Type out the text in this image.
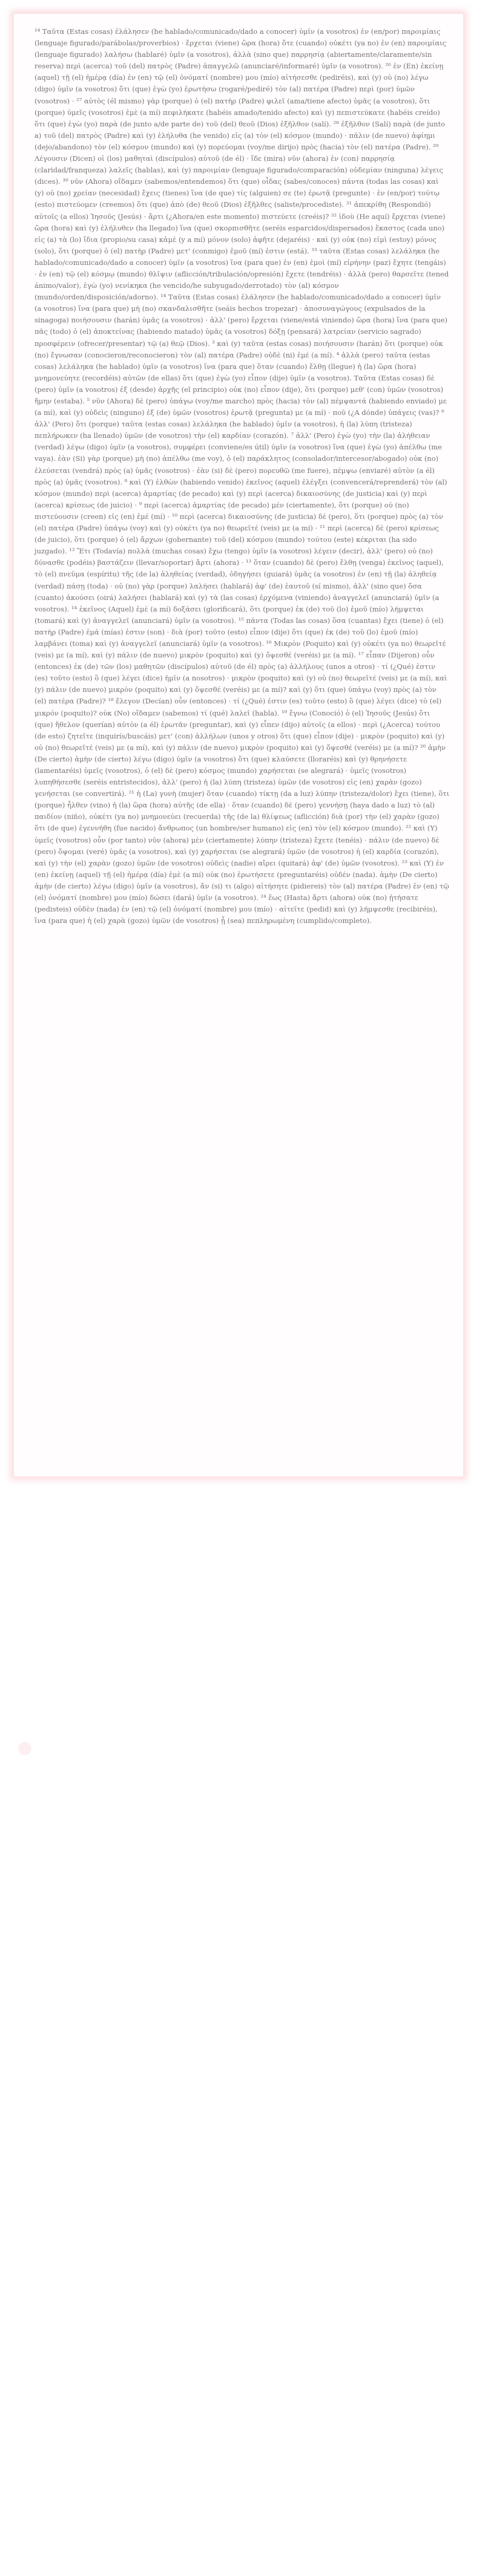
¹⁴ Ταῦτα (Estas cosas) ἐλάλησεν (he hablado/comunicado/dado a conocer) ὑμῖν (a vosotros) ἐν (en/por) παροιμίαις (lenguaje figurado/parábolas/proverbios) · ἔρχεται (viene) ὥρα (hora) ὅτε (cuando) οὐκέτι (ya no) ἐν (en) παροιμίαις (lenguaje figurado) λαλήσω (hablaré) ὑμῖν (a vosotros), ἀλλὰ (sino que) παρρησίᾳ (abiertamente/claramente/sin reserva) περὶ (acerca) τοῦ (del) πατρὸς (Padre) ἀπαγγελῶ (anunciaré/informaré) ὑμῖν (a vosotros). ²⁶ ἐν (En) ἐκείνῃ (aquel) τῇ (el) ἡμέρᾳ (día) ἐν (en) τῷ (el) ὀνόματί (nombre) μου (mío) αἰτήσεσθε (pediréis), καὶ (y) οὐ (no) λέγω (digo) ὑμῖν (a vosotros) ὅτι (que) ἐγὼ (yo) ἐρωτήσω (rogaré/pediré) τὸν (al) πατέρα (Padre) περὶ (por) ὑμῶν (vosotros) · ²⁷ αὐτὸς (él mismo) γὰρ (porque) ὁ (el) πατὴρ (Padre) φιλεῖ (ama/tiene afecto) ὑμᾶς (a vosotros), ὅτι (porque) ὑμεῖς (vosotros) ἐμὲ (a mí) πεφιλήκατε (habéis amado/tenido afecto) καὶ (y) πεπιστεύκατε (habéis creído) ὅτι (que) ἐγὼ (yo) παρὰ (de junto a/de parte de) τοῦ (del) θεοῦ (Dios) ἐξῆλθον (salí). ²⁸ ἐξῆλθον (Salí) παρὰ (de junto a) τοῦ (del) πατρὸς (Padre) καὶ (y) ἐλήλυθα (he venido) εἰς (a) τὸν (el) κόσμον (mundo) · πάλιν (de nuevo) ἀφίημι (dejo/abandono) τὸν (el) κόσμον (mundo) καὶ (y) πορεύομαι (voy/me dirijo) πρὸς (hacia) τὸν (el) πατέρα (Padre). ²⁹ Λέγουσιν (Dicen) οἱ (los) μαθηταὶ (discípulos) αὐτοῦ (de él) · ἴδε (mira) νῦν (ahora) ἐν (con) παρρησίᾳ (claridad/franqueza) λαλεῖς (hablas), καὶ (y) παροιμίαν (lenguaje figurado/comparación) οὐδεμίαν (ninguna) λέγεις (dices). ³⁰ νῦν (Ahora) οἴδαμεν (sabemos/entendemos) ὅτι (que) οἶδας (sabes/conoces) πάντα (todas las cosas) καὶ (y) οὐ (no) χρείαν (necesidad) ἔχεις (tienes) ἵνα (de que) τίς (alguien) σε (te) ἐρωτᾷ (pregunte) · ἐν (en/por) τούτῳ (esto) πιστεύομεν (creemos) ὅτι (que) ἀπὸ (de) θεοῦ (Dios) ἐξῆλθες (saliste/procediste). ³¹ ἀπεκρίθη (Respondió) αὐτοῖς (a ellos) Ἰησοῦς (Jesús) · ἄρτι (¿Ahora/en este momento) πιστεύετε (creéis)? ³² ἰδοὺ (He aquí) ἔρχεται (viene) ὥρα (hora) καὶ (y) ἐλήλυθεν (ha llegado) ἵνα (que) σκορπισθῆτε (seréis esparcidos/dispersados) ἕκαστος (cada uno) εἰς (a) τὰ (lo) ἴδια (propio/su casa) κἀμὲ (y a mí) μόνον (solo) ἀφῆτε (dejaréis) · καὶ (y) οὐκ (no) εἰμὶ (estoy) μόνος (solo), ὅτι (porque) ὁ (el) πατὴρ (Padre) μετ' (conmigo) ἐμοῦ (mí) ἐστιν (está). ³³ ταῦτα (Estas cosas) λελάληκα (he hablado/comunicado/dado a conocer) ὑμῖν (a vosotros) ἵνα (para que) ἐν (en) ἐμοὶ (mí) εἰρήνην (paz) ἔχητε (tengáis) · ἐν (en) τῷ (el) κόσμῳ (mundo) θλῖψιν (aflicción/tribulación/opresión) ἔχετε (tendréis) · ἀλλὰ (pero) θαρσεῖτε (tened ánimo/valor), ἐγὼ (yo) νενίκηκα (he vencido/he subyugado/derrotado) τὸν (al) κόσμον (mundo/orden/disposición/adorno). ¹⁴ Ταῦτα (Estas cosas) ἐλάλησεν (he hablado/comunicado/dado a conocer) ὑμῖν (a vosotros) ἵνα (para que) μὴ (no) σκανδαλισθῆτε (seáis hechos tropezar) · ἀποσυναγώγους (expulsados de la sinagoga) ποιήσουσιν (harán) ὑμᾶς (a vosotros) · ἀλλ' (pero) ἔρχεται (viene/está viniendo) ὥρα (hora) ἵνα (para que) πᾶς (todo) ὁ (el) ἀποκτείνας (habiendo matado) ὑμᾶς (a vosotros) δόξῃ (pensará) λατρείαν (servicio sagrado) προσφέρειν (ofrecer/presentar) τῷ (a) θεῷ (Dios). ³ καὶ (y) ταῦτα (estas cosas) ποιήσουσιν (harán) ὅτι (porque) οὐκ (no) ἔγνωσαν (conocieron/reconocieron) τὸν (al) πατέρα (Padre) οὐδὲ (ni) ἐμέ (a mí). ⁴ ἀλλὰ (pero) ταῦτα (estas cosas) λελάληκα (he hablado) ὑμῖν (a vosotros) ἵνα (para que) ὅταν (cuando) ἔλθῃ (llegue) ἡ (la) ὥρα (hora) μνημονεύητε (recordéis) αὐτῶν (de ellas) ὅτι (que) ἐγὼ (yo) εἶπον (dije) ὑμῖν (a vosotros). Ταῦτα (Estas cosas) δὲ (pero) ὑμῖν (a vosotros) ἐξ (desde) ἀρχῆς (el principio) οὐκ (no) εἶπον (dije), ὅτι (porque) μεθ' (con) ὑμῶν (vosotros) ἤμην (estaba). ⁵ νῦν (Ahora) δὲ (pero) ὑπάγω (voy/me marcho) πρὸς (hacia) τὸν (al) πέμψαντά (habiendo enviado) με (a mí), καὶ (y) οὐδεὶς (ninguno) ἐξ (de) ὑμῶν (vosotros) ἐρωτᾷ (pregunta) με (a mí) · ποῦ (¿A dónde) ὑπάγεις (vas)? ⁶ ἀλλ' (Pero) ὅτι (porque) ταῦτα (estas cosas) λελάληκα (he hablado) ὑμῖν (a vosotros), ἡ (la) λύπη (tristeza) πεπλήρωκεν (ha llenado) ὑμῶν (de vosotros) τὴν (el) καρδίαν (corazón). ⁷ ἀλλ' (Pero) ἐγὼ (yo) τὴν (la) ἀλήθειαν (verdad) λέγω (digo) ὑμῖν (a vosotros), συμφέρει (conviene/es útil) ὑμῖν (a vosotros) ἵνα (que) ἐγὼ (yo) ἀπέλθω (me vaya). ἐὰν (Si) γὰρ (porque) μὴ (no) ἀπέλθω (me voy), ὁ (el) παράκλητος (consolador/intercesor/abogado) οὐκ (no) ἐλεύσεται (vendrá) πρὸς (a) ὑμᾶς (vosotros) · ἐὰν (si) δὲ (pero) πορευθῶ (me fuere), πέμψω (enviaré) αὐτὸν (a él) πρὸς (a) ὑμᾶς (vosotros). ⁸ καὶ (Y) ἐλθὼν (habiendo venido) ἐκεῖνος (aquel) ἐλέγξει (convencerá/reprenderá) τὸν (al) κόσμον (mundo) περὶ (acerca) ἁμαρτίας (de pecado) καὶ (y) περὶ (acerca) δικαιοσύνης (de justicia) καὶ (y) περὶ (acerca) κρίσεως (de juicio) · ⁹ περὶ (acerca) ἁμαρτίας (de pecado) μέν (ciertamente), ὅτι (porque) οὐ (no) πιστεύουσιν (creen) εἰς (en) ἐμέ (mí) · ¹⁰ περὶ (acerca) δικαιοσύνης (de justicia) δέ (pero), ὅτι (porque) πρὸς (a) τὸν (el) πατέρα (Padre) ὑπάγω (voy) καὶ (y) οὐκέτι (ya no) θεωρεῖτέ (veis) με (a mí) · ¹¹ περὶ (acerca) δὲ (pero) κρίσεως (de juicio), ὅτι (porque) ὁ (el) ἄρχων (gobernante) τοῦ (del) κόσμου (mundo) τούτου (este) κέκριται (ha sido juzgado). ¹² Ἔτι (Todavía) πολλὰ (muchas cosas) ἔχω (tengo) ὑμῖν (a vosotros) λέγειν (decir), ἀλλ' (pero) οὐ (no) δύνασθε (podéis) βαστάζειν (llevar/soportar) ἄρτι (ahora) · ¹³ ὅταν (cuando) δὲ (pero) ἔλθῃ (venga) ἐκεῖνος (aquel), τὸ (el) πνεῦμα (espíritu) τῆς (de la) ἀληθείας (verdad), ὁδηγήσει (guiará) ὑμᾶς (a vosotros) ἐν (en) τῇ (la) ἀληθείᾳ (verdad) πάσῃ (toda) · οὐ (no) γὰρ (porque) λαλήσει (hablará) ἀφ' (de) ἑαυτοῦ (sí mismo), ἀλλ' (sino que) ὅσα (cuanto) ἀκούσει (oirá) λαλήσει (hablará) καὶ (y) τὰ (las cosas) ἐρχόμενα (viniendo) ἀναγγελεῖ (anunciará) ὑμῖν (a vosotros). ¹⁴ ἐκεῖνος (Aquel) ἐμὲ (a mí) δοξάσει (glorificará), ὅτι (porque) ἐκ (de) τοῦ (lo) ἐμοῦ (mío) λήμψεται (tomará) καὶ (y) ἀναγγελεῖ (anunciará) ὑμῖν (a vosotros). ¹⁵ πάντα (Todas las cosas) ὅσα (cuantas) ἔχει (tiene) ὁ (el) πατὴρ (Padre) ἐμά (mías) ἐστιν (son) · διὰ (por) τοῦτο (esto) εἶπον (dije) ὅτι (que) ἐκ (de) τοῦ (lo) ἐμοῦ (mío) λαμβάνει (toma) καὶ (y) ἀναγγελεῖ (anunciará) ὑμῖν (a vosotros). ¹⁶ Μικρὸν (Poquito) καὶ (y) οὐκέτι (ya no) θεωρεῖτέ (veis) με (a mí), καὶ (y) πάλιν (de nuevo) μικρὸν (poquito) καὶ (y) ὄψεσθέ (veréis) με (a mí). ¹⁷ εἶπαν (Dijeron) οὖν (entonces) ἐκ (de) τῶν (los) μαθητῶν (discípulos) αὐτοῦ (de él) πρὸς (a) ἀλλήλους (unos a otros) · τί (¿Qué) ἐστιν (es) τοῦτο (esto) ὃ (que) λέγει (dice) ἡμῖν (a nosotros) · μικρὸν (poquito) καὶ (y) οὐ (no) θεωρεῖτέ (veis) με (a mí), καὶ (y) πάλιν (de nuevo) μικρὸν (poquito) καὶ (y) ὄψεσθέ (veréis) με (a mí)? καὶ (y) ὅτι (que) ὑπάγω (voy) πρὸς (a) τὸν (el) πατέρα (Padre)? ¹⁸ ἔλεγον (Decían) οὖν (entonces) · τί (¿Qué) ἐστιν (es) τοῦτο (esto) ὃ (que) λέγει (dice) τὸ (el) μικρόν (poquito)? οὐκ (No) οἴδαμεν (sabemos) τί (qué) λαλεῖ (habla). ¹⁹ ἔγνω (Conoció) ὁ (el) Ἰησοῦς (Jesús) ὅτι (que) ἤθελον (querían) αὐτὸν (a él) ἐρωτᾶν (preguntar), καὶ (y) εἶπεν (dijo) αὐτοῖς (a ellos) · περὶ (¿Acerca) τούτου (de esto) ζητεῖτε (inquirís/buscáis) μετ' (con) ἀλλήλων (unos y otros) ὅτι (que) εἶπον (dije) · μικρὸν (poquito) καὶ (y) οὐ (no) θεωρεῖτέ (veis) με (a mí), καὶ (y) πάλιν (de nuevo) μικρὸν (poquito) καὶ (y) ὄψεσθέ (veréis) με (a mí)? ²⁰ ἀμὴν (De cierto) ἀμὴν (de cierto) λέγω (digo) ὑμῖν (a vosotros) ὅτι (que) κλαύσετε (lloraréis) καὶ (y) θρηνήσετε (lamentaréis) ὑμεῖς (vosotros), ὁ (el) δὲ (pero) κόσμος (mundo) χαρήσεται (se alegrará) · ὑμεῖς (vosotros) λυπηθήσεσθε (seréis entristecidos), ἀλλ' (pero) ἡ (la) λύπη (tristeza) ὑμῶν (de vosotros) εἰς (en) χαρὰν (gozo) γενήσεται (se convertirá). ²¹ ἡ (La) γυνὴ (mujer) ὅταν (cuando) τίκτῃ (da a luz) λύπην (tristeza/dolor) ἔχει (tiene), ὅτι (porque) ἦλθεν (vino) ἡ (la) ὥρα (hora) αὐτῆς (de ella) · ὅταν (cuando) δὲ (pero) γεννήσῃ (haya dado a luz) τὸ (al) παιδίον (niño), οὐκέτι (ya no) μνημονεύει (recuerda) τῆς (de la) θλίψεως (aflicción) διὰ (por) τὴν (el) χαρὰν (gozo) ὅτι (de que) ἐγεννήθη (fue nacido) ἄνθρωπος (un hombre/ser humano) εἰς (en) τὸν (el) κόσμον (mundo). ²² καὶ (Y) ὑμεῖς (vosotros) οὖν (por tanto) νῦν (ahora) μὲν (ciertamente) λύπην (tristeza) ἔχετε (tenéis) · πάλιν (de nuevo) δὲ (pero) ὄψομαι (veré) ὑμᾶς (a vosotros), καὶ (y) χαρήσεται (se alegrará) ὑμῶν (de vosotros) ἡ (el) καρδία (corazón), καὶ (y) τὴν (el) χαρὰν (gozo) ὑμῶν (de vosotros) οὐδεὶς (nadie) αἴρει (quitará) ἀφ' (de) ὑμῶν (vosotros). ²³ καὶ (Y) ἐν (en) ἐκείνῃ (aquel) τῇ (el) ἡμέρᾳ (día) ἐμὲ (a mí) οὐκ (no) ἐρωτήσετε (preguntaréis) οὐδέν (nada). ἀμὴν (De cierto) ἀμὴν (de cierto) λέγω (digo) ὑμῖν (a vosotros), ἄν (si) τι (algo) αἰτήσητε (pidiereis) τὸν (al) πατέρα (Padre) ἐν (en) τῷ (el) ὀνόματί (nombre) μου (mío) δώσει (dará) ὑμῖν (a vosotros). ²⁴ ἕως (Hasta) ἄρτι (ahora) οὐκ (no) ᾐτήσατε (pedisteis) οὐδὲν (nada) ἐν (en) τῷ (el) ὀνόματί (nombre) μου (mío) · αἰτεῖτε (pedid) καὶ (y) λήμψεσθε (recibiréis), ἵνα (para que) ἡ (el) χαρὰ (gozo) ὑμῶν (de vosotros) ᾖ (sea) πεπληρωμένη (cumplido/completo).
